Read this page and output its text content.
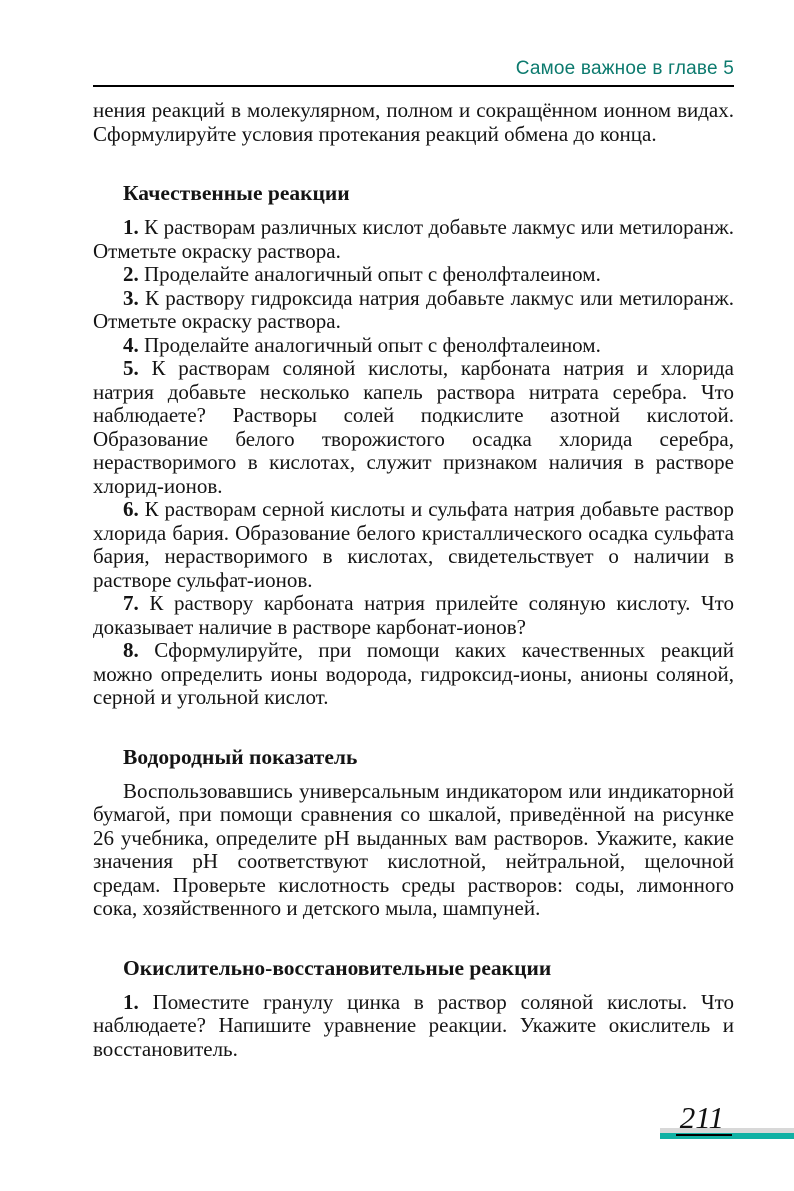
Самое важное в главе 5

нения реакций в молекулярном, полном и сокращённом ионном видах. Сформулируйте условия протекания реакций обмена до конца.

Качественные реакции

1. К растворам различных кислот добавьте лакмус или метилоранж. Отметьте окраску раствора.

2. Проделайте аналогичный опыт с фенолфталеином.

3. К раствору гидроксида натрия добавьте лакмус или метилоранж. Отметьте окраску раствора.

4. Проделайте аналогичный опыт с фенолфталеином.

5. К растворам соляной кислоты, карбоната натрия и хлорида натрия добавьте несколько капель раствора нитрата серебра. Что наблюдаете? Растворы солей подкислите азотной кислотой. Образование белого творожистого осадка хлорида серебра, нерастворимого в кислотах, служит признаком наличия в растворе хлорид-ионов.

6. К растворам серной кислоты и сульфата натрия добавьте раствор хлорида бария. Образование белого кристаллического осадка сульфата бария, нерастворимого в кислотах, свидетельствует о наличии в растворе сульфат-ионов.

7. К раствору карбоната натрия прилейте соляную кислоту. Что доказывает наличие в растворе карбонат-ионов?

8. Сформулируйте, при помощи каких качественных реакций можно определить ионы водорода, гидроксид-ионы, анионы соляной, серной и угольной кислот.

Водородный показатель

Воспользовавшись универсальным индикатором или индикаторной бумагой, при помощи сравнения со шкалой, приведённой на рисунке 26 учебника, определите pH выданных вам растворов. Укажите, какие значения pH соответствуют кислотной, нейтральной, щелочной средам. Проверьте кислотность среды растворов: соды, лимонного сока, хозяйственного и детского мыла, шампуней.

Окислительно-восстановительные реакции

1. Поместите гранулу цинка в раствор соляной кислоты. Что наблюдаете? Напишите уравнение реакции. Укажите окислитель и восстановитель.

211
